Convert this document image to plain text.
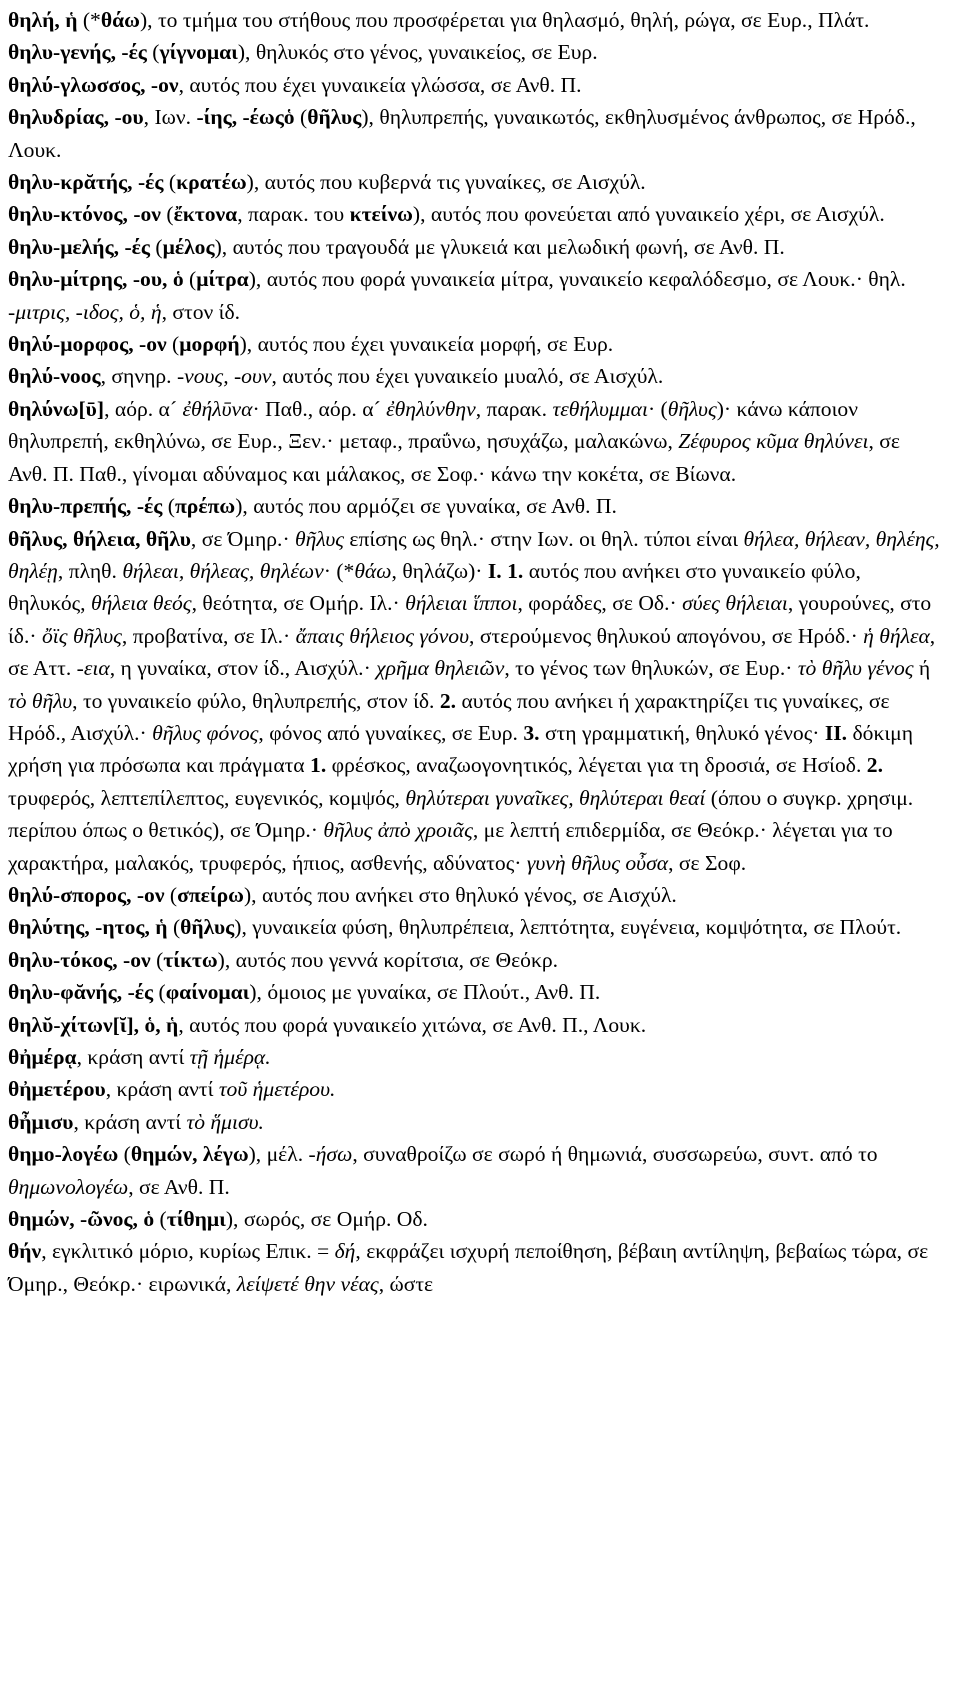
θηλή, ἡ (*θάω), το τμήμα του στήθους που προσφέρεται για θηλασμό, θηλή, ρώγα, σε Ευρ., Πλάτ.

θηλυ-γενής, -ές (γίγνομαι), θηλυκός στο γένος, γυναικείος, σε Ευρ.

θηλύ-γλωσσος, -ον, αυτός που έχει γυναικεία γλώσσα, σε Ανθ. Π.

θηλυδρίας, -ου, Ιων. -ίης, -έωςὁ (θῆλυς), θηλυπρεπής, γυναικωτός, εκθηλυσμένος άνθρωπος, σε Ηρόδ., Λουκ.

θηλυ-κρᾰτής, -ές (κρατέω), αυτός που κυβερνά τις γυναίκες, σε Αισχύλ.

θηλυ-κτόνος, -ον (ἔκτονα, παρακ. του κτείνω), αυτός που φονεύεται από γυναικείο χέρι, σε Αισχύλ.

θηλυ-μελής, -ές (μέλος), αυτός που τραγουδά με γλυκειά και μελωδική φωνή, σε Ανθ. Π.

θηλυ-μίτρης, -ου, ὁ (μίτρα), αυτός που φορά γυναικεία μίτρα, γυναικείο κεφαλόδεσμο, σε Λουκ.· θηλ. -μιτρις, -ιδος, ὁ, ἡ, στον ίδ.

θηλύ-μορφος, -ον (μορφή), αυτός που έχει γυναικεία μορφή, σε Ευρ.

θηλύ-νοος, σηνηρ. -νους, -ουν, αυτός που έχει γυναικείο μυαλό, σε Αισχύλ.

θηλύνω[ῡ], αόρ. α´ ἐθήλῡνα· Παθ., αόρ. α´ ἐθηλύνθην, παρακ. τεθήλυμμαι· (θῆλυς)· κάνω κάποιον θηλυπρεπή, εκθηλύνω, σε Ευρ., Ξεν.· μεταφ., πραΰνω, ησυχάζω, μαλακώνω, Ζέφυρος κῦμα θηλύνει, σε Ανθ. Π. Παθ., γίνομαι αδύναμος και μάλακος, σε Σοφ.· κάνω την κοκέτα, σε Βίωνα.

θηλυ-πρεπής, -ές (πρέπω), αυτός που αρμόζει σε γυναίκα, σε Ανθ. Π.

θῆλυς, θήλεια, θῆλυ, σε Όμηρ.· θῆλυς επίσης ως θηλ.· στην Ιων. οι θηλ. τύποι είναι θήλεα, θήλεαν, θηλέης, θηλέῃ, πληθ. θήλεαι, θήλεας, θηλέων· (*θάω, θηλάζω)· I. 1. αυτός που ανήκει στο γυναικείο φύλο, θηλυκός, θήλεια θεός, θεότητα, σε Ομήρ. Ιλ.· θήλειαι ἵπποι, φοράδες, σε Οδ.· σύες θήλειαι, γουρούνες, στο ίδ.· ὄϊς θῆλυς, προβατίνα, σε Ιλ.· ἄπαις θήλειος γόνου, στερούμενος θηλυκού απογόνου, σε Ηρόδ.· ἡ θήλεα, σε Αττ. -εια, η γυναίκα, στον ίδ., Αισχύλ.· χρῆμα θηλειῶν, το γένος των θηλυκών, σε Ευρ.· τὸ θῆλυ γένος ή τὸ θῆλυ, το γυναικείο φύλο, θηλυπρεπής, στον ίδ. 2. αυτός που ανήκει ή χαρακτηρίζει τις γυναίκες, σε Ηρόδ., Αισχύλ.· θῆλυς φόνος, φόνος από γυναίκες, σε Ευρ. 3. στη γραμματική, θηλυκό γένος· II. δόκιμη χρήση για πρόσωπα και πράγματα 1. φρέσκος, αναζωογονητικός, λέγεται για τη δροσιά, σε Ησίοδ. 2. τρυφερός, λεπτεπίλεπτος, ευγενικός, κομψός, θηλύτεραι γυναῖκες, θηλύτεραι θεαί (όπου ο συγκρ. χρησιμ. περίπου όπως ο θετικός), σε Όμηρ.· θῆλυς ἀπὸ χροιᾶς, με λεπτή επιδερμίδα, σε Θεόκρ.· λέγεται για το χαρακτήρα, μαλακός, τρυφερός, ήπιος, ασθενής, αδύνατος· γυνὴ θῆλυς οὖσα, σε Σοφ.

θηλύ-σπορος, -ον (σπείρω), αυτός που ανήκει στο θηλυκό γένος, σε Αισχύλ.

θηλύτης, -ητος, ἡ (θῆλυς), γυναικεία φύση, θηλυπρέπεια, λεπτότητα, ευγένεια, κομψότητα, σε Πλούτ.

θηλυ-τόκος, -ον (τίκτω), αυτός που γεννά κορίτσια, σε Θεόκρ.

θηλυ-φᾰνής, -ές (φαίνομαι), όμοιος με γυναίκα, σε Πλούτ., Ανθ. Π.

θηλῠ-χίτων[ῐ], ὁ, ἡ, αυτός που φορά γυναικείο χιτώνα, σε Ανθ. Π., Λουκ.

θἠμέρᾳ, κράση αντί τῇ ἡμέρᾳ.

θἠμετέρου, κράση αντί τοῦ ἡμετέρου.

θἦμισυ, κράση αντί τὸ ἥμισυ.

θημο-λογέω (θημών, λέγω), μέλ. -ήσω, συναθροίζω σε σωρό ή θημωνιά, συσσωρεύω, συντ. από το θημωνολογέω, σε Ανθ. Π.

θημών, -ῶνος, ὁ (τίθημι), σωρός, σε Ομήρ. Οδ.

θήν, εγκλιτικό μόριο, κυρίως Επικ. = δή, εκφράζει ισχυρή πεποίθηση, βέβαιη αντίληψη, βεβαίως τώρα, σε Όμηρ., Θεόκρ.· ειρωνικά, λείψετέ θην νέας, ώστε
